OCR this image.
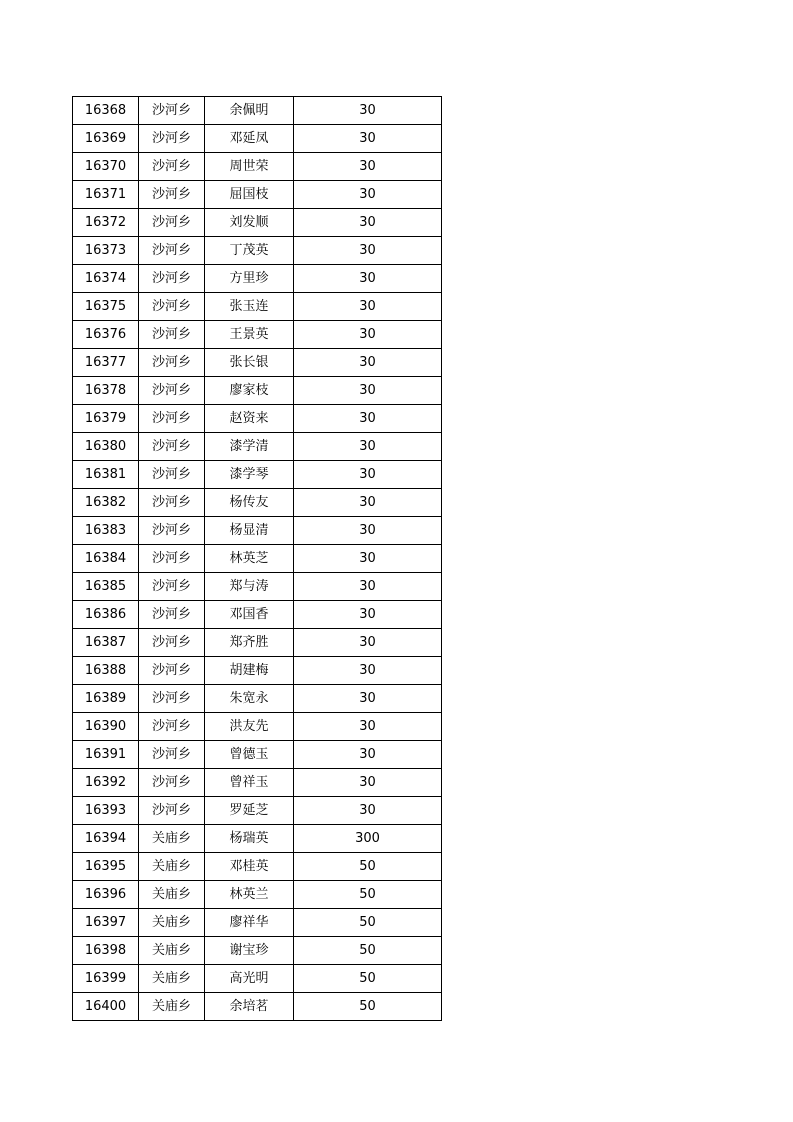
16368	沙河乡	余佩明	30
16369	沙河乡	邓延凤	30
16370	沙河乡	周世荣	30
16371	沙河乡	屈国枝	30
16372	沙河乡	刘发顺	30
16373	沙河乡	丁茂英	30
16374	沙河乡	方里珍	30
16375	沙河乡	张玉连	30
16376	沙河乡	王景英	30
16377	沙河乡	张长银	30
16378	沙河乡	廖家枝	30
16379	沙河乡	赵资来	30
16380	沙河乡	漆学清	30
16381	沙河乡	漆学琴	30
16382	沙河乡	杨传友	30
16383	沙河乡	杨显清	30
16384	沙河乡	林英芝	30
16385	沙河乡	郑与涛	30
16386	沙河乡	邓国香	30
16387	沙河乡	郑齐胜	30
16388	沙河乡	胡建梅	30
16389	沙河乡	朱宽永	30
16390	沙河乡	洪友先	30
16391	沙河乡	曾德玉	30
16392	沙河乡	曾祥玉	30
16393	沙河乡	罗延芝	30
16394	关庙乡	杨瑞英	300
16395	关庙乡	邓桂英	50
16396	关庙乡	林英兰	50
16397	关庙乡	廖祥华	50
16398	关庙乡	谢宝珍	50
16399	关庙乡	高光明	50
16400	关庙乡	余培茗	50
